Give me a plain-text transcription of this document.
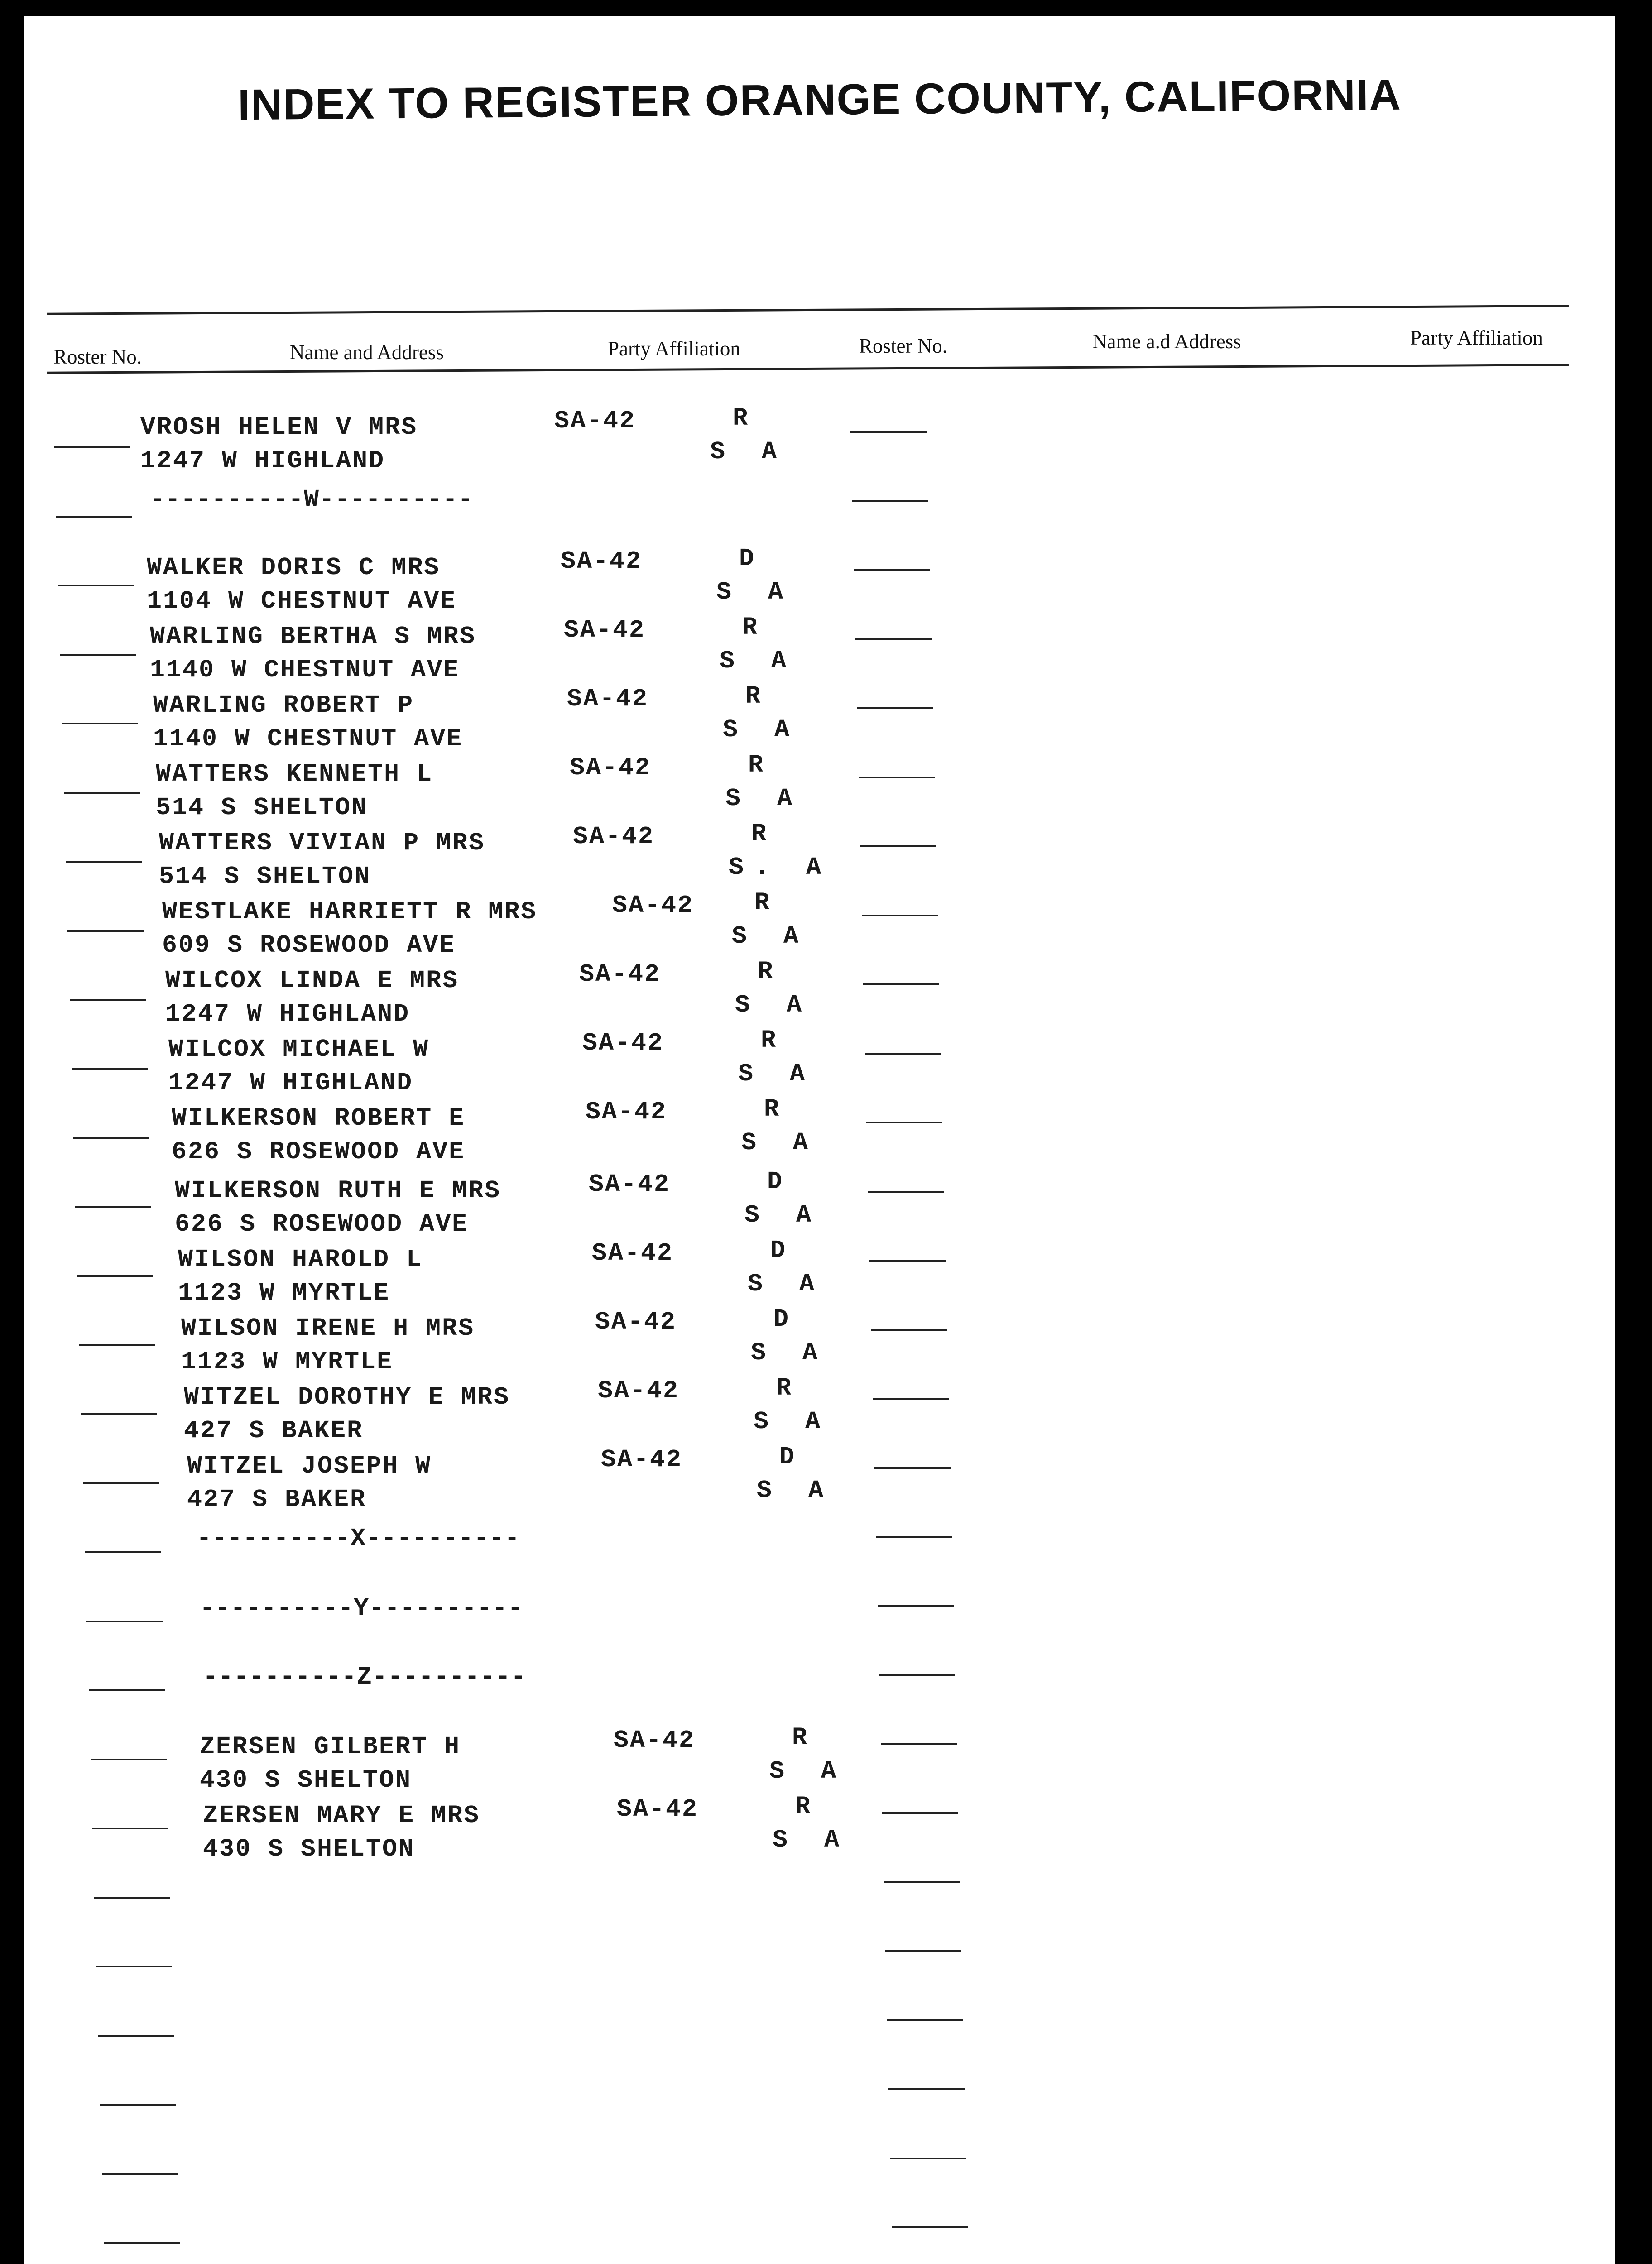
INDEX TO REGISTER ORANGE COUNTY, CALIFORNIA
Roster No.	Name and Address	Party Affiliation	Roster No.	Name a.d Address	Party Affiliation
VROSH HELEN V MRS
1247 W HIGHLAND
SA-42	R
S A
----------W----------
WALKER DORIS C MRS
1104 W CHESTNUT AVE
SA-42	D
S A
WARLING BERTHA S MRS
1140 W CHESTNUT AVE
SA-42	R
S A
WARLING ROBERT P
1140 W CHESTNUT AVE
SA-42	R
S A
WATTERS KENNETH L
514 S SHELTON
SA-42	R
S A
WATTERS VIVIAN P MRS
514 S SHELTON
SA-42	R
S. A
WESTLAKE HARRIETT R MRS
609 S ROSEWOOD AVE
SA-42 R
S A
WILCOX LINDA E MRS
1247 W HIGHLAND
SA-42	R
S A
WILCOX MICHAEL W
1247 W HIGHLAND
SA-42	R
S A
WILKERSON ROBERT E
626 S ROSEWOOD AVE
SA-42	R
S A
WILKERSON RUTH E MRS
626 S ROSEWOOD AVE
SA-42	D
S A
WILSON HAROLD L
1123 W MYRTLE
SA-42	D
S A
WILSON IRENE H MRS
1123 W MYRTLE
SA-42	D
S A
WITZEL DOROTHY E MRS
427 S BAKER
SA-42	R
S A
WITZEL JOSEPH W
427 S BAKER
SA-42	D
S A
----------X----------
----------Y----------
----------Z----------
ZERSEN GILBERT H
430 S SHELTON
SA-42	R
S A
ZERSEN MARY E MRS
430 S SHELTON
SA-42	R
S A
